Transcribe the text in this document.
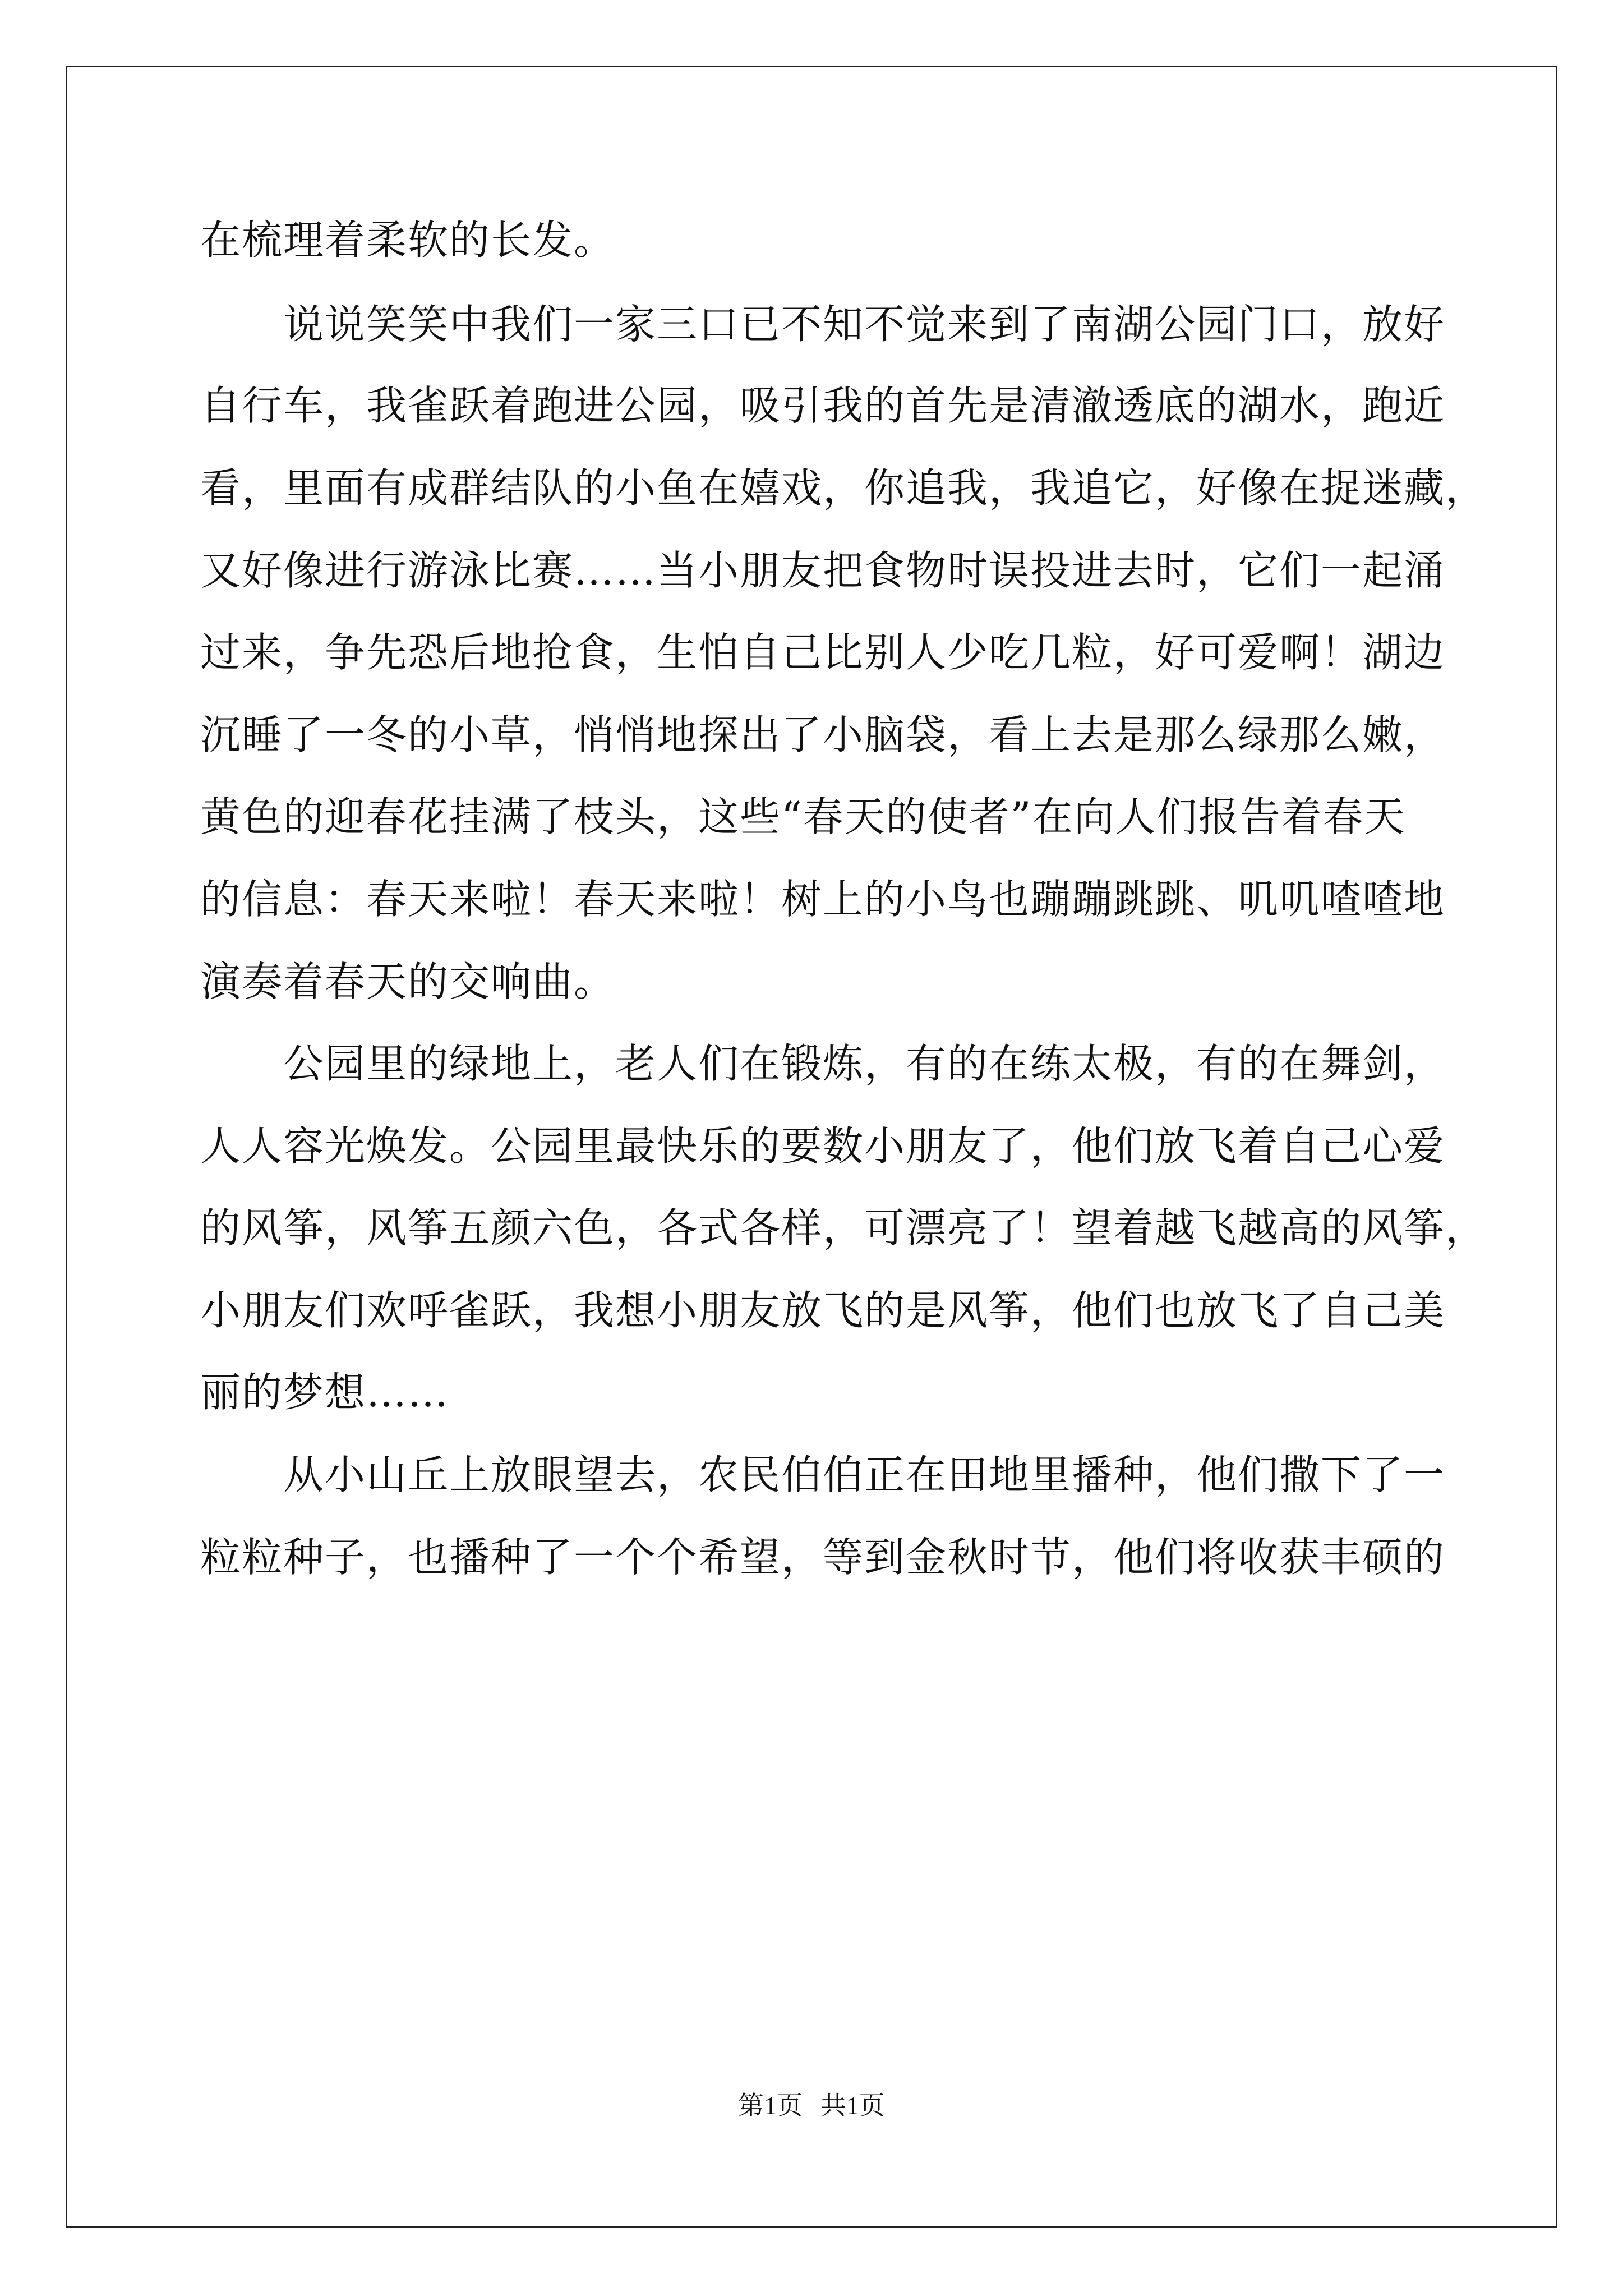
在梳理着柔软的长发。
说说笑笑中我们一家三口已不知不觉来到了南湖公园门口，放好
自行车，我雀跃着跑进公园，吸引我的首先是清澈透底的湖水，跑近
看，里面有成群结队的小鱼在嬉戏，你追我，我追它，好像在捉迷藏，
又好像进行游泳比赛……当小朋友把食物时误投进去时，它们一起涌
过来，争先恐后地抢食，生怕自己比别人少吃几粒，好可爱啊！湖边
沉睡了一冬的小草，悄悄地探出了小脑袋，看上去是那么绿那么嫩，
黄色的迎春花挂满了枝头，这些“春天的使者”在向人们报告着春天
的信息：春天来啦！春天来啦！树上的小鸟也蹦蹦跳跳、叽叽喳喳地
演奏着春天的交响曲。
公园里的绿地上，老人们在锻炼，有的在练太极，有的在舞剑，
人人容光焕发。公园里最快乐的要数小朋友了，他们放飞着自己心爱
的风筝，风筝五颜六色，各式各样，可漂亮了！望着越飞越高的风筝，
小朋友们欢呼雀跃，我想小朋友放飞的是风筝，他们也放飞了自己美
丽的梦想……
从小山丘上放眼望去，农民伯伯正在田地里播种，他们撒下了一
粒粒种子，也播种了一个个希望，等到金秋时节，他们将收获丰硕的
第1页 共1页
